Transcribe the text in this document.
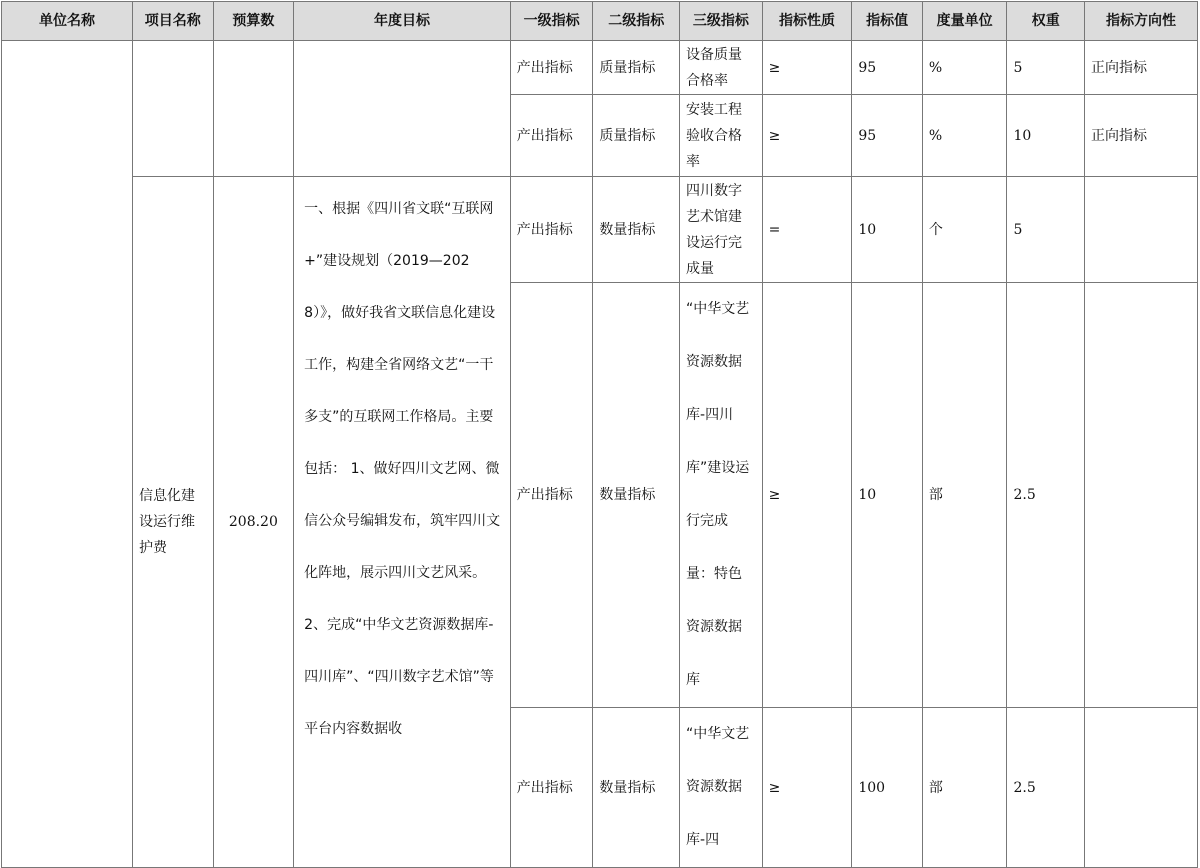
单位名称	项目名称	预算数	年度目标	一级指标	二级指标	三级指标	指标性质	指标值	度量单位	权重	指标方向性
				产出指标	质量指标	设备质量合格率	≥	95	%	5	正向指标
				产出指标	质量指标	安装工程验收合格率	≥	95	%	10	正向指标
	信息化建设运行维护费	208.20	一、根据《四川省文联“互联网+”建设规划（2019—2028）》，做好我省文联信息化建设工作，构建全省网络文艺“一干多支”的互联网工作格局。主要包括： 1、做好四川文艺网、微信公众号编辑发布，筑牢四川文化阵地，展示四川文艺风采。 2、完成“中华文艺资源数据库-四川库”、“四川数字艺术馆”等平台内容数据收	产出指标	数量指标	四川数字艺术馆建设运行完成量	=	10	个	5	
				产出指标	数量指标	“中华文艺资源数据库-四川库”建设运行完成量：特色资源数据库	≥	10	部	2.5	
				产出指标	数量指标	“中华文艺资源数据库-四	≥	100	部	2.5	
